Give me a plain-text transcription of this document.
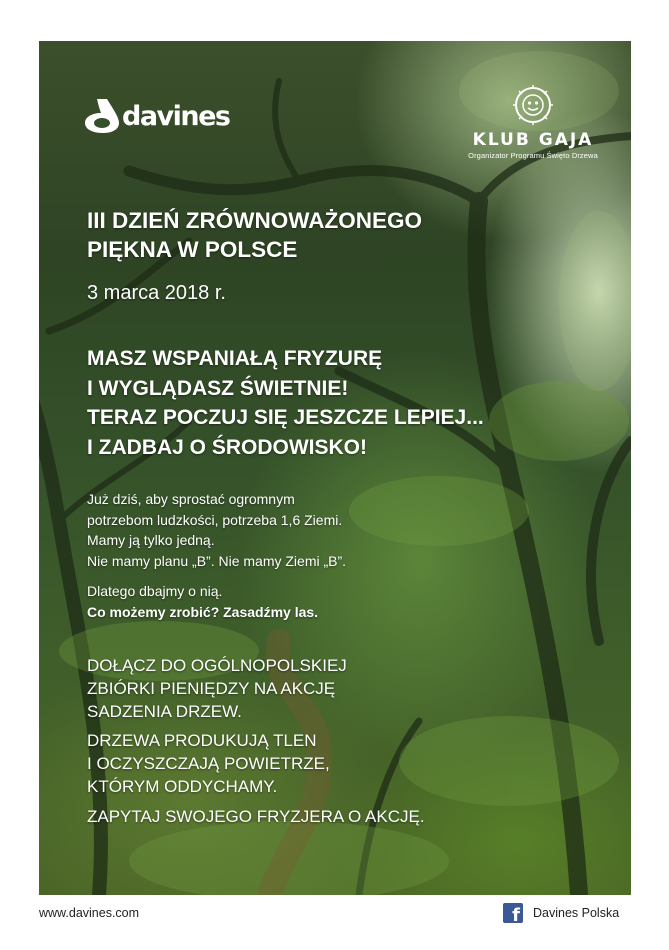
davines
KLUB GAJA
Organizator Programu Święto Drzewa
III DZIEŃ ZRÓWNOWAŻONEGO
PIĘKNA W POLSCE
3 marca 2018 r.
MASZ WSPANIAŁĄ FRYZURĘ
I WYGLĄDASZ ŚWIETNIE!
TERAZ POCZUJ SIĘ JESZCZE LEPIEJ...
I ZADBAJ O ŚRODOWISKO!
Już dziś, aby sprostać ogromnym
potrzebom ludzkości, potrzeba 1,6 Ziemi.
Mamy ją tylko jedną.
Nie mamy planu „B”. Nie mamy Ziemi „B”.
Dlatego dbajmy o nią.
Co możemy zrobić? Zasadźmy las.
DOŁĄCZ DO OGÓLNOPOLSKIEJ
ZBIÓRKI PIENIĘDZY NA AKCJĘ
SADZENIA DRZEW.
DRZEWA PRODUKUJĄ TLEN
I OCZYSZCZAJĄ POWIETRZE,
KTÓRYM ODDYCHAMY.
ZAPYTAJ SWOJEGO FRYZJERA O AKCJĘ.
www.davines.com	f Davines Polska
